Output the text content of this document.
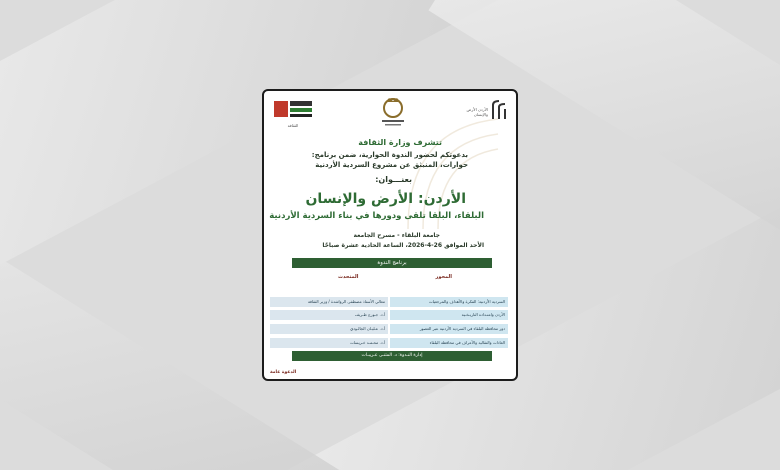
الثقافة
الأردن الأرض والإنسان
تتشرف وزارة الثقافة
بدعوتكم لحضور الندوة الحوارية، ضمن برنامج:
حوارات، المنبثق عن مشروع السردية الأردنية
بعنـــوان:
الأردن: الأرض والإنسان
البلقاء، البلقا تلقى ودورها في بناء السردية الأردنية
جامعة البلقاء - مسرح الجامعة
الأحد الموافق 26-4-2026، الساعة الحادية عشرة صباحًا
برنامج الندوة
المحور
المتحدث
السردية الأردنية: الفكرة والأهداف والمرجعيات
الأردن وامتـداده التاريـخـية
دور محافظة البلقاء في السردية الأردنية عبر العصور
العادات والتقاليد والأعراف في محافظة البلقاء
معالي الأستاذ مصطفى الرواشدة / وزير الثقافة
أ.د. جـورج طـريف
أ.د. عـليـان الجالـودي
أ.د. محـمـد خـريسات
إدارة النـدوة: د. المثنـى عـريبـات
الدعوة عامة
